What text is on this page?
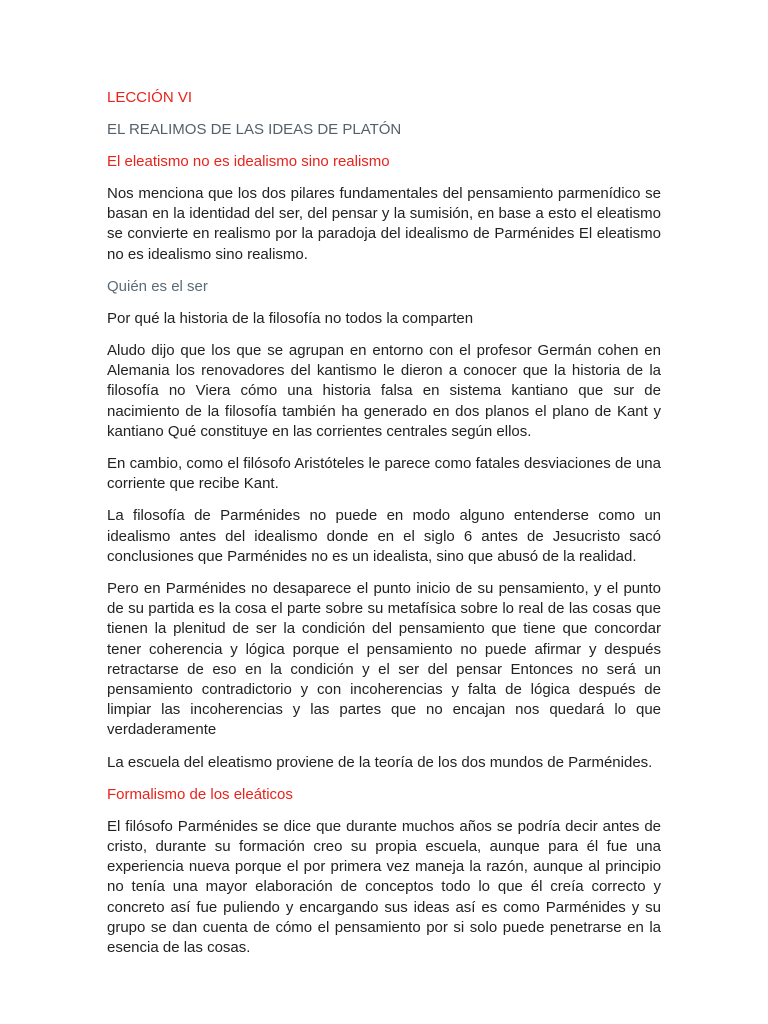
LECCIÓN VI
EL REALIMOS DE LAS IDEAS DE PLATÓN
El eleatismo no es idealismo sino realismo

Nos menciona que los dos pilares fundamentales del pensamiento parmenídico se basan en la identidad del ser, del pensar y la sumisión, en base a esto el eleatismo se convierte en realismo por la paradoja del idealismo de Parménides El eleatismo no es idealismo sino realismo.

Quién es el ser

Por qué la historia de la filosofía no todos la comparten

Aludo dijo que los que se agrupan en entorno con el profesor Germán cohen en Alemania los renovadores del kantismo le dieron a conocer que la historia de la filosofía no Viera cómo una historia falsa en sistema kantiano que sur de nacimiento de la filosofía también ha generado en dos planos el plano de Kant y kantiano Qué constituye en las corrientes centrales según ellos.

En cambio, como el filósofo Aristóteles le parece como fatales desviaciones de una corriente que recibe Kant.

La filosofía de Parménides no puede en modo alguno entenderse como un idealismo antes del idealismo donde en el siglo 6 antes de Jesucristo sacó conclusiones que Parménides no es un idealista, sino que abusó de la realidad.

Pero en Parménides no desaparece el punto inicio de su pensamiento, y el punto de su partida es la cosa el parte sobre su metafísica sobre lo real de las cosas que tienen la plenitud de ser la condición del pensamiento que tiene que concordar tener coherencia y lógica porque el pensamiento no puede afirmar y después retractarse de eso en la condición y el ser del pensar Entonces no será un pensamiento contradictorio y con incoherencias y falta de lógica después de limpiar las incoherencias y las partes que no encajan nos quedará lo que verdaderamente

La escuela del eleatismo proviene de la teoría de los dos mundos de Parménides.

Formalismo de los eleáticos

El filósofo Parménides se dice que durante muchos años se podría decir antes de cristo, durante su formación creo su propia escuela, aunque para él fue una experiencia nueva porque el por primera vez maneja la razón, aunque al principio no tenía una mayor elaboración de conceptos todo lo que él creía correcto y concreto así fue puliendo y encargando sus ideas así es como Parménides y su grupo se dan cuenta de cómo el pensamiento por si solo puede penetrarse en la esencia de las cosas.
